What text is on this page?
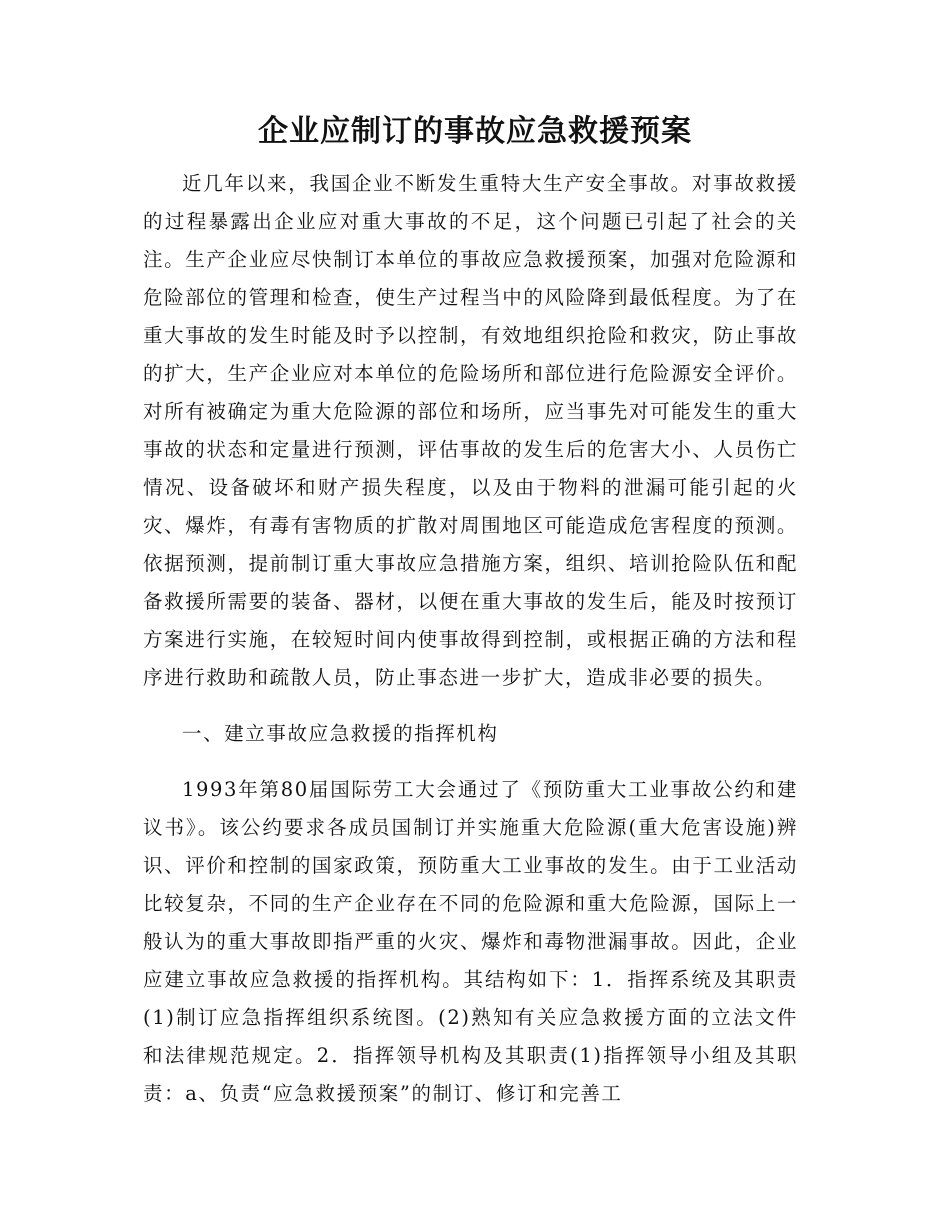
企业应制订的事故应急救援预案

近几年以来，我国企业不断发生重特大生产安全事故。对事故救援的过程暴露出企业应对重大事故的不足，这个问题已引起了社会的关注。生产企业应尽快制订本单位的事故应急救援预案，加强对危险源和危险部位的管理和检查，使生产过程当中的风险降到最低程度。为了在重大事故的发生时能及时予以控制，有效地组织抢险和救灾，防止事故的扩大，生产企业应对本单位的危险场所和部位进行危险源安全评价。对所有被确定为重大危险源的部位和场所，应当事先对可能发生的重大事故的状态和定量进行预测，评估事故的发生后的危害大小、人员伤亡情况、设备破坏和财产损失程度，以及由于物料的泄漏可能引起的火灾、爆炸，有毒有害物质的扩散对周围地区可能造成危害程度的预测。依据预测，提前制订重大事故应急措施方案，组织、培训抢险队伍和配备救援所需要的装备、器材，以便在重大事故的发生后，能及时按预订方案进行实施，在较短时间内使事故得到控制，或根据正确的方法和程序进行救助和疏散人员，防止事态进一步扩大，造成非必要的损失。

一、建立事故应急救援的指挥机构

1993年第80届国际劳工大会通过了《预防重大工业事故公约和建议书》。该公约要求各成员国制订并实施重大危险源(重大危害设施)辨识、评价和控制的国家政策，预防重大工业事故的发生。由于工业活动比较复杂，不同的生产企业存在不同的危险源和重大危险源，国际上一般认为的重大事故即指严重的火灾、爆炸和毒物泄漏事故。因此，企业应建立事故应急救援的指挥机构。其结构如下：1．指挥系统及其职责(1)制订应急指挥组织系统图。(2)熟知有关应急救援方面的立法文件和法律规范规定。2．指挥领导机构及其职责(1)指挥领导小组及其职责：a、负责“应急救援预案”的制订、修订和完善工
